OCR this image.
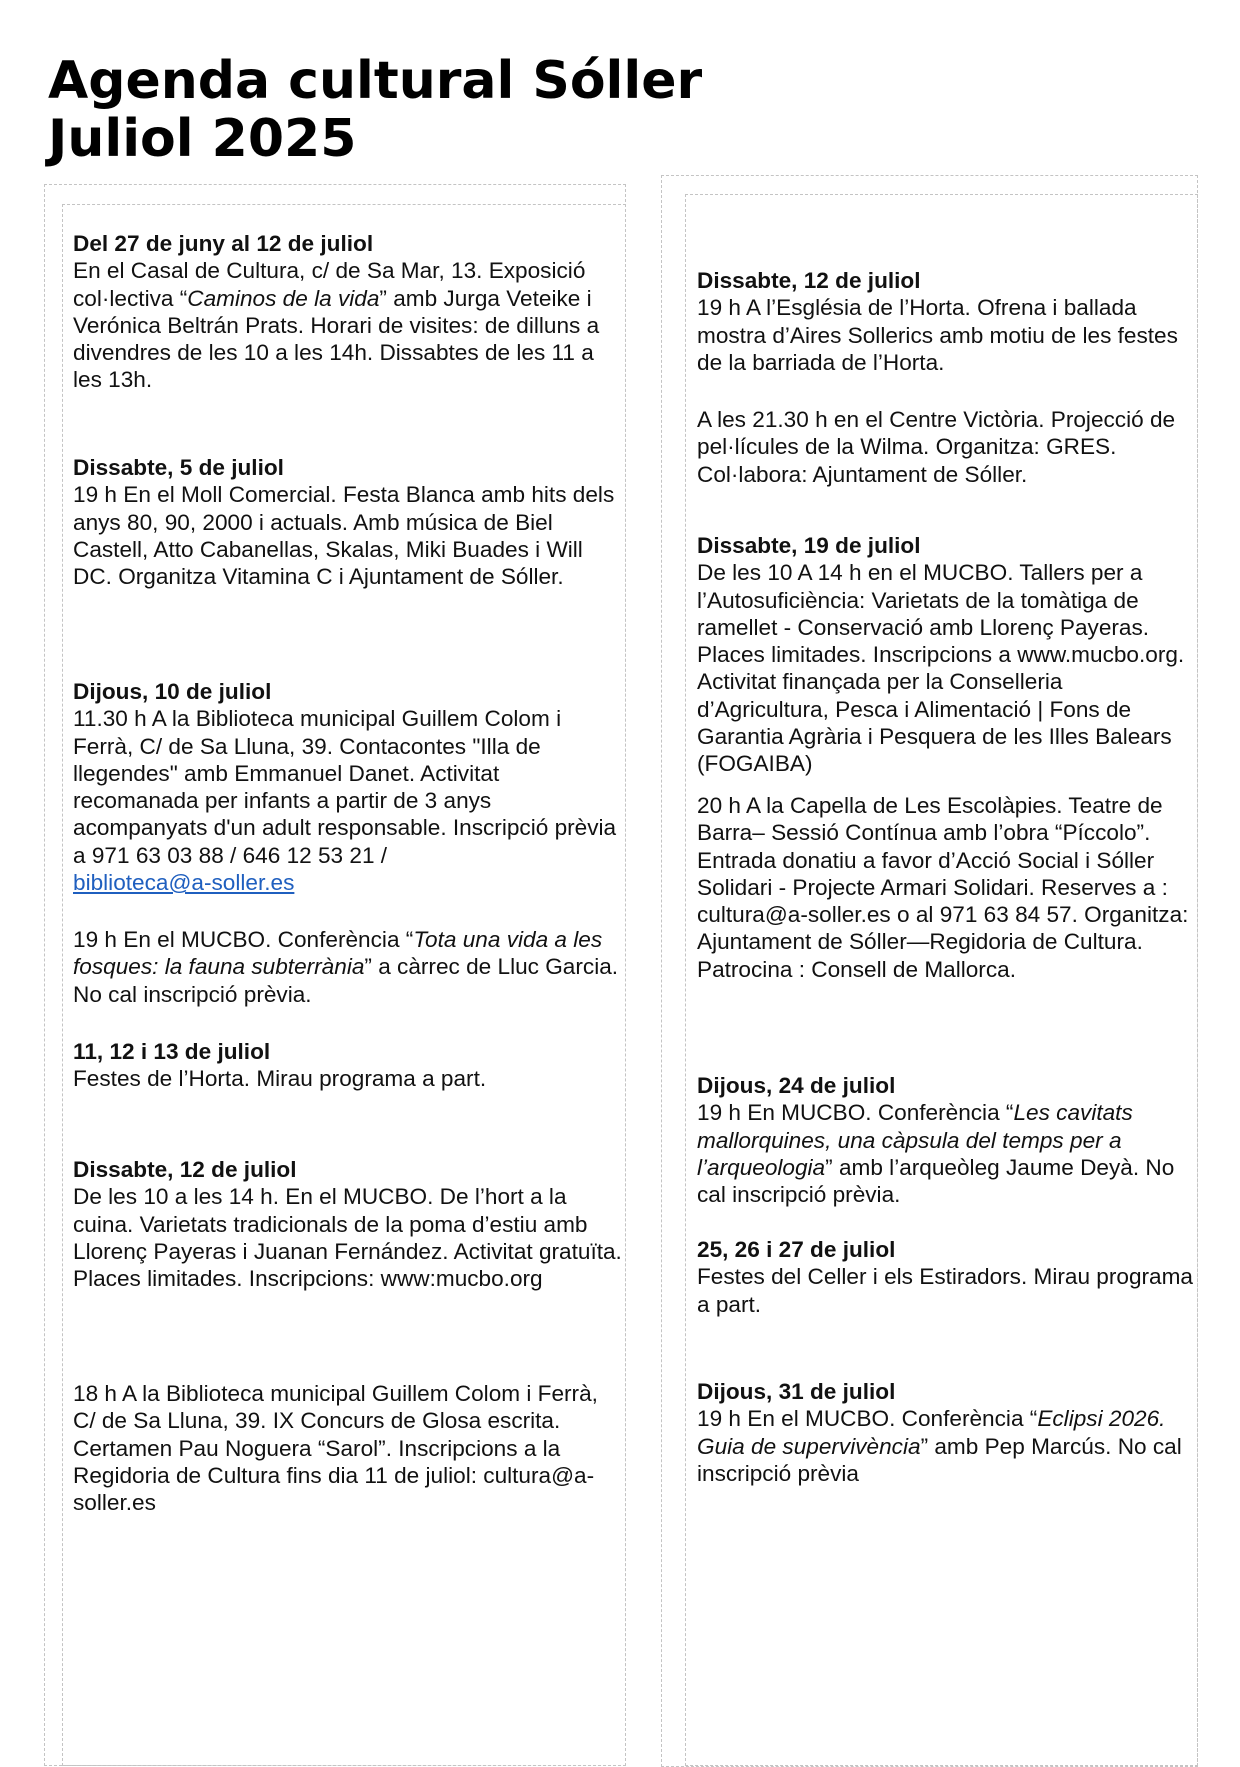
Agenda cultural Sóller
Juliol 2025
Del 27 de juny al 12 de juliol
En el Casal de Cultura, c/ de Sa Mar, 13. Exposició col·lectiva “Caminos de la vida” amb Jurga Veteike i Verónica Beltrán Prats. Horari de visites: de dilluns a divendres de les 10 a les 14h. Dissabtes de les 11 a les 13h.
Dissabte, 5 de juliol
19 h En el Moll Comercial. Festa Blanca amb hits dels anys 80, 90, 2000 i actuals. Amb música de Biel Castell, Atto Cabanellas, Skalas, Miki Buades i Will DC. Organitza Vitamina C i Ajuntament de Sóller.
Dijous, 10 de juliol
11.30 h A la Biblioteca municipal Guillem Colom i Ferrà, C/ de Sa Lluna, 39. Contacontes "Illa de llegendes" amb Emmanuel Danet. Activitat recomanada per infants a partir de 3 anys acompanyats d'un adult responsable. Inscripció prèvia a 971 63 03 88 / 646 12 53 21 /
biblioteca@a-soller.es
19 h En el MUCBO. Conferència “Tota una vida a les fosques: la fauna subterrània” a càrrec de Lluc Garcia. No cal inscripció prèvia.
11, 12 i 13 de juliol
Festes de l’Horta. Mirau programa a part.
Dissabte, 12 de juliol
De les 10 a les 14 h. En el MUCBO. De l’hort a la cuina. Varietats tradicionals de la poma d’estiu amb Llorenç Payeras i Juanan Fernández. Activitat gratuïta. Places limitades. Inscripcions: www:mucbo.org
18 h A la Biblioteca municipal Guillem Colom i Ferrà, C/ de Sa Lluna, 39. IX Concurs de Glosa escrita. Certamen Pau Noguera “Sarol”. Inscripcions a la Regidoria de Cultura fins dia 11 de juliol: cultura@a-soller.es
Dissabte, 12 de juliol
19 h A l’Església de l’Horta. Ofrena i ballada mostra d’Aires Sollerics amb motiu de les festes de la barriada de l’Horta.
A les 21.30 h en el Centre Victòria. Projecció de pel·lícules de la Wilma. Organitza: GRES. Col·labora: Ajuntament de Sóller.
Dissabte, 19 de juliol
De les 10 A 14 h en el MUCBO. Tallers per a l’Autosuficiència: Varietats de la tomàtiga de ramellet - Conservació amb Llorenç Payeras. Places limitades. Inscripcions a www.mucbo.org. Activitat finançada per la Conselleria d’Agricultura, Pesca i Alimentació | Fons de Garantia Agrària i Pesquera de les Illes Balears (FOGAIBA)
20 h A la Capella de Les Escolàpies. Teatre de Barra– Sessió Contínua amb l’obra “Píccolo”. Entrada donatiu a favor d’Acció Social i Sóller Solidari - Projecte Armari Solidari. Reserves a : cultura@a-soller.es o al 971 63 84 57. Organitza: Ajuntament de Sóller—Regidoria de Cultura. Patrocina : Consell de Mallorca.
Dijous, 24 de juliol
19 h En MUCBO. Conferència “Les cavitats mallorquines, una càpsula del temps per a l’arqueologia” amb l’arqueòleg Jaume Deyà. No cal inscripció prèvia.
25, 26 i 27 de juliol
Festes del Celler i els Estiradors. Mirau programa a part.
Dijous, 31 de juliol
19 h En el MUCBO. Conferència “Eclipsi 2026. Guia de supervivència” amb Pep Marcús. No cal inscripció prèvia
